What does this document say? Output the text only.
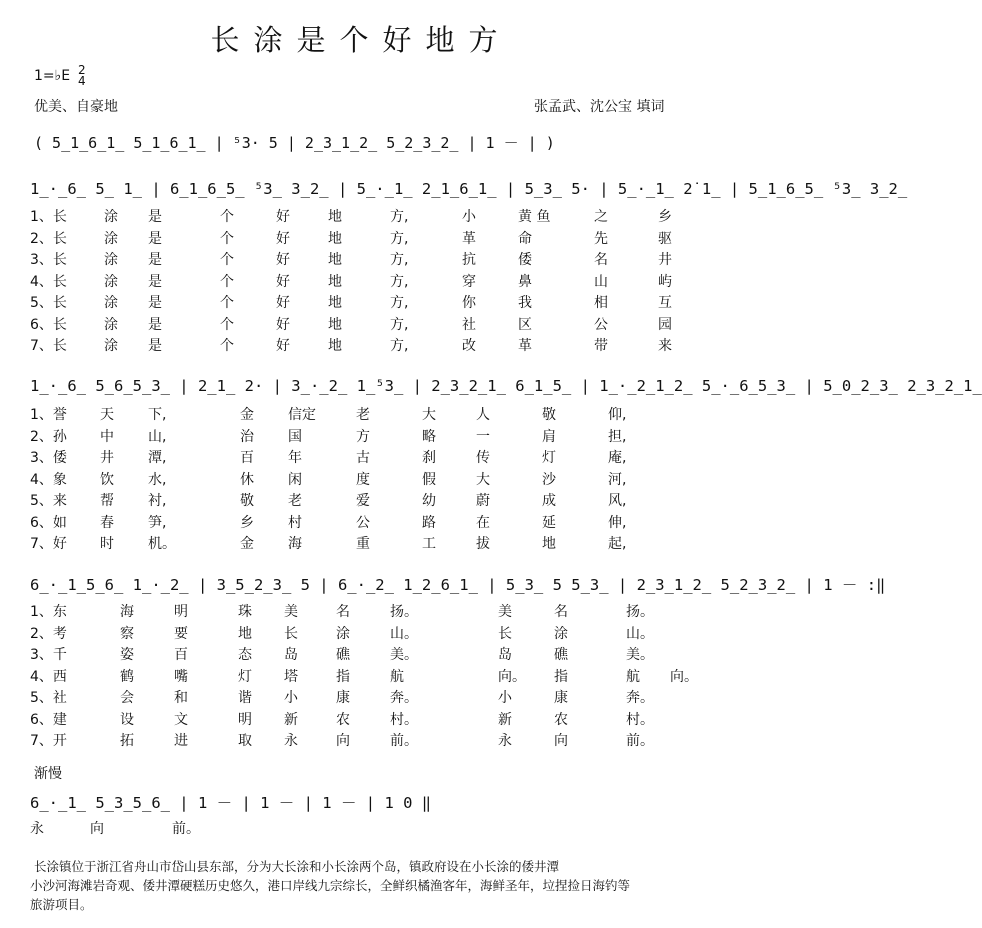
长涂是个好地方
1=♭E 2
4
优美、自豪地	张孟武、沈公宝 填词
( 5̲1̲6̲1̲ 5̲1̲6̲1̲ | ⁵3· 5 | 2̲3̲1̲2̲ 5̲2̲3̲2̲ | 1 － | )
1̲·̲6̲ 5̲ 1̲ | 6̲1̲6̲5̲ ⁵3̲ 3̲2̲ | 5̲·̲1̲ 2̲1̲6̲1̲ | 5̲3̲ 5· | 5̲·̲1̲ 2̇ 1̲ | 5̲1̲6̲5̲ ⁵3̲ 3̲2̲
1、长	涂 是	个	好	地	方,	小	黄 鱼	之	乡
2、长	涂 是	个	好	地	方,	革	命	先	驱
3、长	涂 是	个	好	地	方,	抗	倭	名	井
4、长	涂 是	个	好	地	方,	穿	鼻	山	屿
5、长	涂 是	个	好	地	方,	你	我	相	互
6、长	涂 是	个	好	地	方,	社	区	公	园
7、长	涂 是	个	好	地	方,	改	革	带	来
1̲·̲6̲ 5̲6̲5̲3̲ | 2̲1̲ 2· | 3̲·̲2̲ 1̲⁵3̲ | 2̲3̲2̲1̲ 6̲1̲5̲ | 1̲·̲2̲1̲2̲ 5̲·̲6̲5̲3̲ | 5̲0̲2̲3̲ 2̲3̲2̲1̲
1、誉 天 下,	金 信定	老	大	人	敬	仰,
2、孙 中 山,	治 国	方	略	一	肩	担,
3、倭 井 潭,	百 年	古	刹	传	灯	庵,
4、象 饮 水,	休 闲	度	假	大	沙	河,
5、来 帮 衬,	敬 老	爱	幼	蔚	成	风,
6、如 春 笋,	乡 村	公	路	在	延	伸,
7、好 时 机。	金 海	重	工	拔	地	起,
6̲·̲1̲5̲6̲ 1̲·̲2̲ | 3̲5̲2̲3̲ 5 | 6̲·̲2̲ 1̲2̲6̲1̲ | 5̲3̲ 5 5̲3̲ | 2̲3̲1̲2̲ 5̲2̲3̲2̲ | 1 － :‖
1、东	海	明	珠 美	名	扬。	美	名	扬。
2、考	察	要	地 长	涂	山。	长	涂	山。
3、千	姿	百	态 岛	礁	美。	岛	礁	美。
4、西	鹤	嘴	灯 塔	指	航	向。 指	航 向。
5、社	会	和	谐 小	康	奔。	小	康	奔。
6、建	设	文	明 新	农	村。	新	农	村。
7、开	拓	进	取 永	向	前。	永	向	前。
渐慢
6̲·̲1̲ 5̲3̲5̲6̲ | 1 － | 1 － | 1 － | 1 0 ‖
永	向	前。
长涂镇位于浙江省舟山市岱山县东部，分为大长涂和小长涂两个岛，镇政府设在小长涂的倭井潭
小沙河海滩岩奇观、倭井潭硬糕历史悠久，港口岸线九宗综长，全鲜织橘渔客年，海鲜圣年，垃捏捡日海钓等
旅游项目。
